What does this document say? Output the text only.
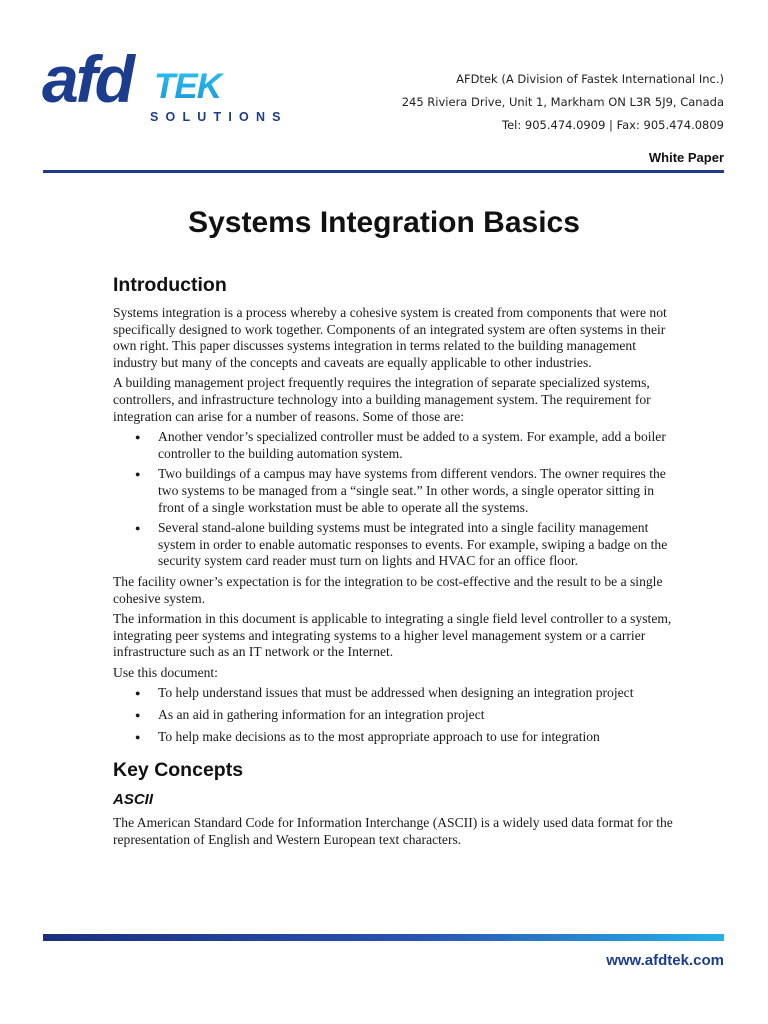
afd TEK
SOLUTIONS
AFDtek (A Division of Fastek International Inc.)
245 Riviera Drive, Unit 1, Markham ON L3R 5J9, Canada
Tel: 905.474.0909 | Fax: 905.474.0809
White Paper
Systems Integration Basics
Introduction

Systems integration is a process whereby a cohesive system is created from components that were not specifically designed to work together. Components of an integrated system are often systems in their own right. This paper discusses systems integration in terms related to the building management industry but many of the concepts and caveats are equally applicable to other industries.

A building management project frequently requires the integration of separate specialized systems, controllers, and infrastructure technology into a building management system. The requirement for integration can arise for a number of reasons. Some of those are:

● Another vendor’s specialized controller must be added to a system. For example, add a boiler controller to the building automation system.
● Two buildings of a campus may have systems from different vendors. The owner requires the two systems to be managed from a “single seat.” In other words, a single operator sitting in front of a single workstation must be able to operate all the systems.
● Several stand-alone building systems must be integrated into a single facility management system in order to enable automatic responses to events. For example, swiping a badge on the security system card reader must turn on lights and HVAC for an office floor.

The facility owner’s expectation is for the integration to be cost-effective and the result to be a single cohesive system.

The information in this document is applicable to integrating a single field level controller to a system, integrating peer systems and integrating systems to a higher level management system or a carrier infrastructure such as an IT network or the Internet.

Use this document:

● To help understand issues that must be addressed when designing an integration project
● As an aid in gathering information for an integration project
● To help make decisions as to the most appropriate approach to use for integration
Key Concepts
ASCII

The American Standard Code for Information Interchange (ASCII) is a widely used data format for the representation of English and Western European text characters.

www.afdtek.com
